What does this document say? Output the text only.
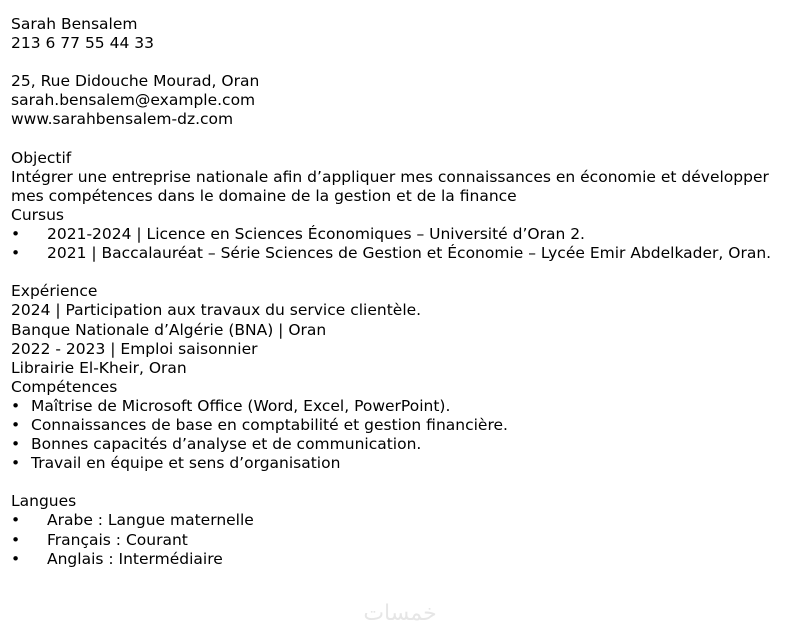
Sarah Bensalem
213 6 77 55 44 33
25, Rue Didouche Mourad, Oran
sarah.bensalem@example.com
www.sarahbensalem-dz.com
Objectif
Intégrer une entreprise nationale afin d’appliquer mes connaissances en économie et développer mes compétences dans le domaine de la gestion et de la finance
Cursus
•	2021-2024 | Licence en Sciences Économiques – Université d’Oran 2.
• 2021 | Baccalauréat – Série Sciences de Gestion et Économie – Lycée Emir Abdelkader, Oran.
Expérience
2024 | Participation aux travaux du service clientèle.
Banque Nationale d’Algérie (BNA) | Oran
2022 - 2023 | Emploi saisonnier
Librairie El-Kheir, Oran
Compétences
• Maîtrise de Microsoft Office (Word, Excel, PowerPoint).
• Connaissances de base en comptabilité et gestion financière.
• Bonnes capacités d’analyse et de communication.
• Travail en équipe et sens d’organisation
Langues
•	Arabe : Langue maternelle
•	Français : Courant
•	Anglais : Intermédiaire
خمسات
